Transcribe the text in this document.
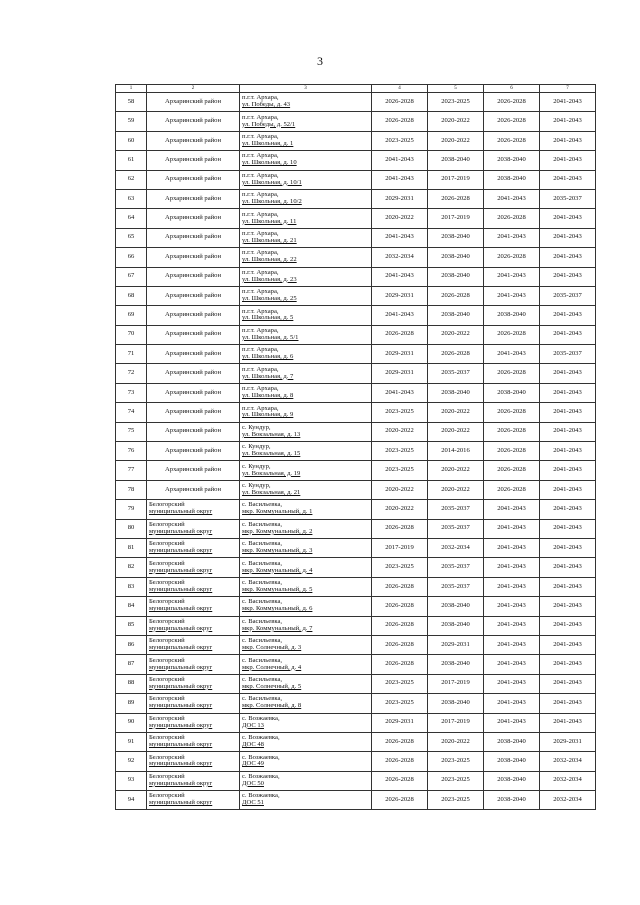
3
1	2	3	4	5	6	7
58	Архаринский район	п.г.т. Архара,
ул. Победы, д. 43	2026-2028	2023-2025	2026-2028	2041-2043
59	Архаринский район	п.г.т. Архара,
ул. Победы, д. 52/1	2026-2028	2020-2022	2026-2028	2041-2043
60	Архаринский район	п.г.т. Архара,
ул. Школьная, д. 1	2023-2025	2020-2022	2026-2028	2041-2043
61	Архаринский район	п.г.т. Архара,
ул. Школьная, д. 10	2041-2043	2038-2040	2038-2040	2041-2043
62	Архаринский район	п.г.т. Архара,
ул. Школьная, д. 10/1	2041-2043	2017-2019	2038-2040	2041-2043
63	Архаринский район	п.г.т. Архара,
ул. Школьная, д. 10/2	2029-2031	2026-2028	2041-2043	2035-2037
64	Архаринский район	п.г.т. Архара,
ул. Школьная, д. 11	2020-2022	2017-2019	2026-2028	2041-2043
65	Архаринский район	п.г.т. Архара,
ул. Школьная, д. 21	2041-2043	2038-2040	2041-2043	2041-2043
66	Архаринский район	п.г.т. Архара,
ул. Школьная, д. 22	2032-2034	2038-2040	2026-2028	2041-2043
67	Архаринский район	п.г.т. Архара,
ул. Школьная, д. 23	2041-2043	2038-2040	2041-2043	2041-2043
68	Архаринский район	п.г.т. Архара,
ул. Школьная, д. 25	2029-2031	2026-2028	2041-2043	2035-2037
69	Архаринский район	п.г.т. Архара,
ул. Школьная, д. 5	2041-2043	2038-2040	2038-2040	2041-2043
70	Архаринский район	п.г.т. Архара,
ул. Школьная, д. 5/1	2026-2028	2020-2022	2026-2028	2041-2043
71	Архаринский район	п.г.т. Архара,
ул. Школьная, д. 6	2029-2031	2026-2028	2041-2043	2035-2037
72	Архаринский район	п.г.т. Архара,
ул. Школьная, д. 7	2029-2031	2035-2037	2026-2028	2041-2043
73	Архаринский район	п.г.т. Архара,
ул. Школьная, д. 8	2041-2043	2038-2040	2038-2040	2041-2043
74	Архаринский район	п.г.т. Архара,
ул. Школьная, д. 9	2023-2025	2020-2022	2026-2028	2041-2043
75	Архаринский район	с. Кундур,
ул. Вокзальная, д. 13	2020-2022	2020-2022	2026-2028	2041-2043
76	Архаринский район	с. Кундур,
ул. Вокзальная, д. 15	2023-2025	2014-2016	2026-2028	2041-2043
77	Архаринский район	с. Кундур,
ул. Вокзальная, д. 19	2023-2025	2020-2022	2026-2028	2041-2043
78	Архаринский район	с. Кундур,
ул. Вокзальная, д. 21	2020-2022	2020-2022	2026-2028	2041-2043
79	Белогорский
муниципальный округ	с. Васильевка,
мкр. Коммунальный, д. 1	2020-2022	2035-2037	2041-2043	2041-2043
80	Белогорский
муниципальный округ	с. Васильевка,
мкр. Коммунальный, д. 2	2026-2028	2035-2037	2041-2043	2041-2043
81	Белогорский
муниципальный округ	с. Васильевка,
мкр. Коммунальный, д. 3	2017-2019	2032-2034	2041-2043	2041-2043
82	Белогорский
муниципальный округ	с. Васильевка,
мкр. Коммунальный, д. 4	2023-2025	2035-2037	2041-2043	2041-2043
83	Белогорский
муниципальный округ	с. Васильевка,
мкр. Коммунальный, д. 5	2026-2028	2035-2037	2041-2043	2041-2043
84	Белогорский
муниципальный округ	с. Васильевка,
мкр. Коммунальный, д. 6	2026-2028	2038-2040	2041-2043	2041-2043
85	Белогорский
муниципальный округ	с. Васильевка,
мкр. Коммунальный, д. 7	2026-2028	2038-2040	2041-2043	2041-2043
86	Белогорский
муниципальный округ	с. Васильевка,
мкр. Солнечный, д. 3	2026-2028	2029-2031	2041-2043	2041-2043
87	Белогорский
муниципальный округ	с. Васильевка,
мкр. Солнечный, д. 4	2026-2028	2038-2040	2041-2043	2041-2043
88	Белогорский
муниципальный округ	с. Васильевка,
мкр. Солнечный, д. 5	2023-2025	2017-2019	2041-2043	2041-2043
89	Белогорский
муниципальный округ	с. Васильевка,
мкр. Солнечный, д. 8	2023-2025	2038-2040	2041-2043	2041-2043
90	Белогорский
муниципальный округ	с. Возжаевка,
ДОС 13	2029-2031	2017-2019	2041-2043	2041-2043
91	Белогорский
муниципальный округ	с. Возжаевка,
ДОС 48	2026-2028	2020-2022	2038-2040	2029-2031
92	Белогорский
муниципальный округ	с. Возжаевка,
ДОС 49	2026-2028	2023-2025	2038-2040	2032-2034
93	Белогорский
муниципальный округ	с. Возжаевка,
ДОС 50	2026-2028	2023-2025	2038-2040	2032-2034
94	Белогорский
муниципальный округ	с. Возжаевка,
ДОС 51	2026-2028	2023-2025	2038-2040	2032-2034
